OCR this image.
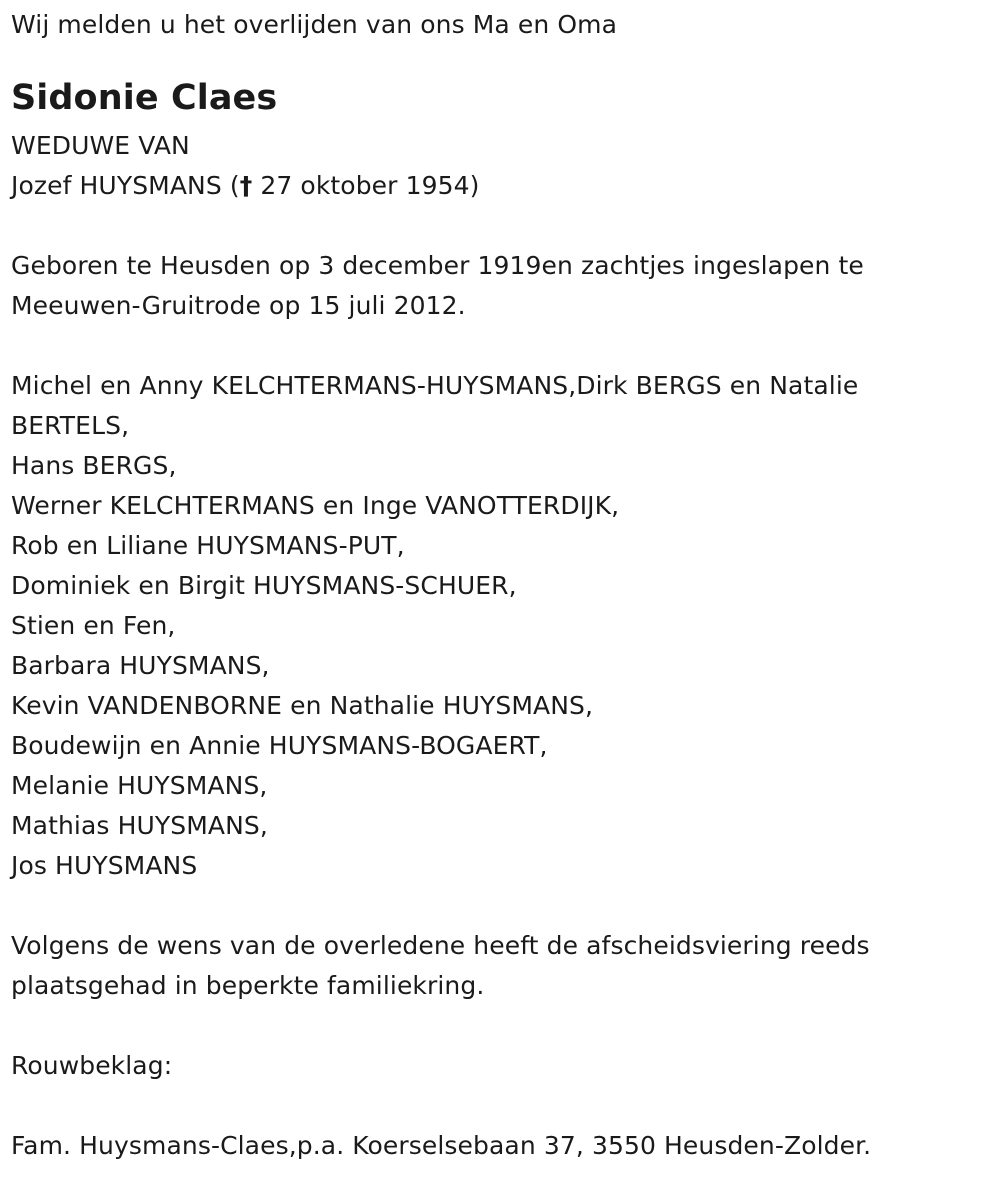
Wij melden u het overlijden van ons Ma en Oma
Sidonie Claes
WEDUWE VAN
Jozef HUYSMANS († 27 oktober 1954)
Geboren te Heusden op 3 december 1919en zachtjes ingeslapen te
Meeuwen-Gruitrode op 15 juli 2012.
Michel en Anny KELCHTERMANS-HUYSMANS,Dirk BERGS en Natalie
BERTELS,
Hans BERGS,
Werner KELCHTERMANS en Inge VANOTTERDIJK,
Rob en Liliane HUYSMANS-PUT,
Dominiek en Birgit HUYSMANS-SCHUER,
Stien en Fen,
Barbara HUYSMANS,
Kevin VANDENBORNE en Nathalie HUYSMANS,
Boudewijn en Annie HUYSMANS-BOGAERT,
Melanie HUYSMANS,
Mathias HUYSMANS,
Jos HUYSMANS
Volgens de wens van de overledene heeft de afscheidsviering reeds
plaatsgehad in beperkte familiekring.
Rouwbeklag:
Fam. Huysmans-Claes,p.a. Koerselsebaan 37, 3550 Heusden-Zolder.
